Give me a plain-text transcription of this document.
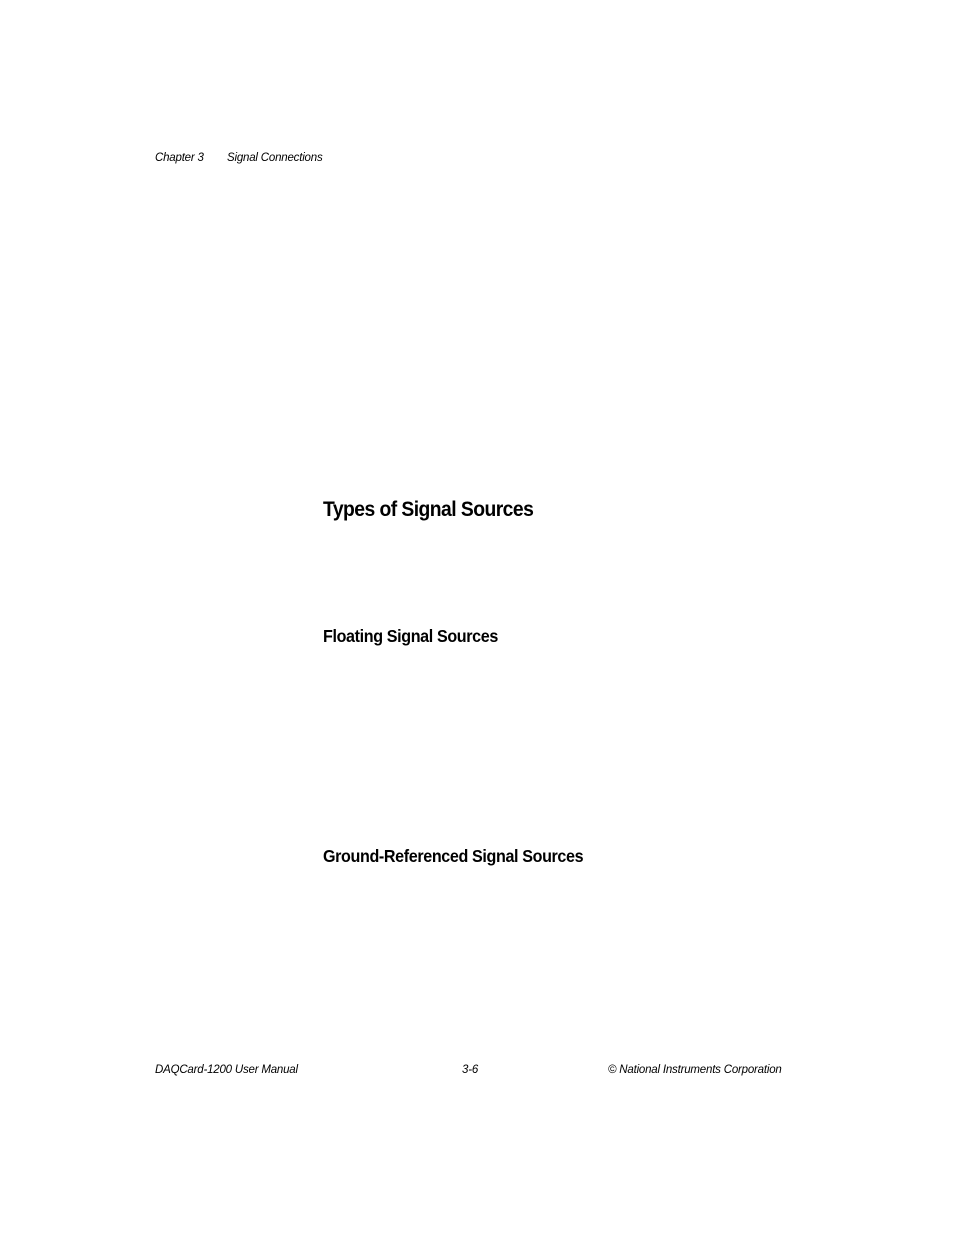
Chapter 3 Signal Connections
Types of Signal Sources
Floating Signal Sources
Ground-Referenced Signal Sources
DAQCard-1200 User Manual	3-6	© National Instruments Corporation
